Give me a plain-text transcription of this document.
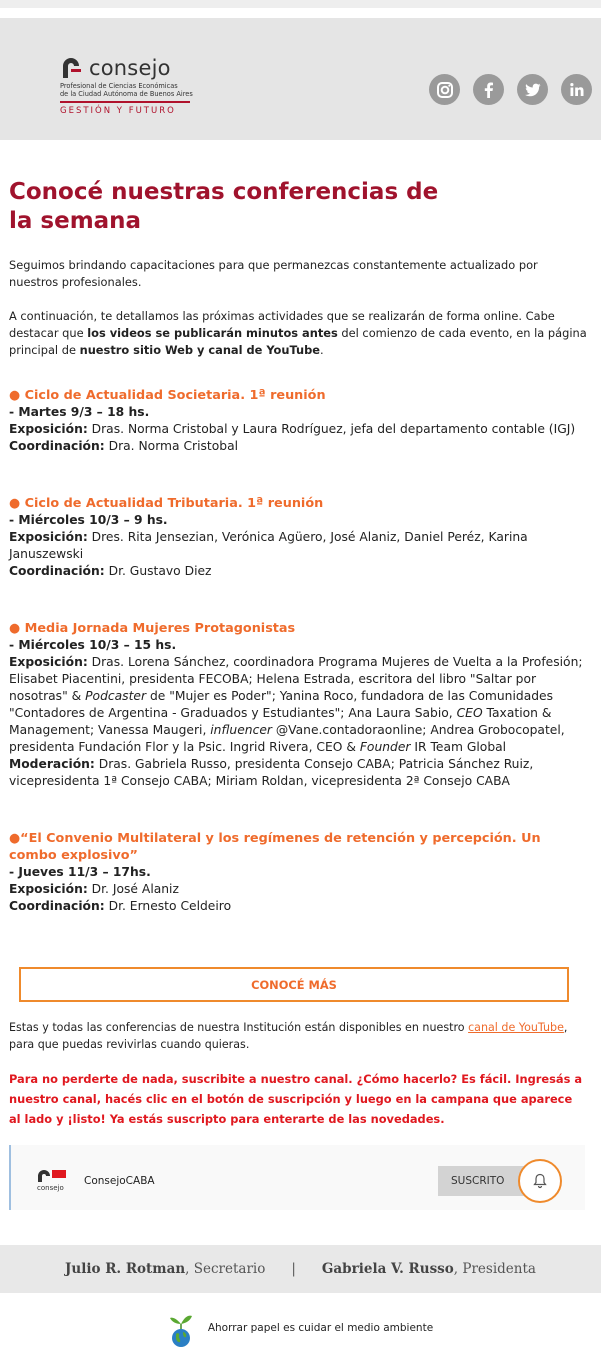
consejo
Profesional de Ciencias Económicas
de la Ciudad Autónoma de Buenos Aires
GESTIÓN Y FUTURO
Conocé nuestras conferencias de la semana

Seguimos brindando capacitaciones para que permanezcas constantemente actualizado por nuestros profesionales.

A continuación, te detallamos las próximas actividades que se realizarán de forma online. Cabe destacar que los videos se publicarán minutos antes del comienzo de cada evento, en la página principal de nuestro sitio Web y canal de YouTube.

● Ciclo de Actualidad Societaria. 1ª reunión
- Martes 9/3 – 18 hs.
Exposición: Dras. Norma Cristobal y Laura Rodríguez, jefa del departamento contable (IGJ)
Coordinación: Dra. Norma Cristobal
● Ciclo de Actualidad Tributaria. 1ª reunión
- Miércoles 10/3 – 9 hs.
Exposición: Dres. Rita Jensezian, Verónica Agüero, José Alaniz, Daniel Peréz, Karina Januszewski
Coordinación: Dr. Gustavo Diez
● Media Jornada Mujeres Protagonistas
- Miércoles 10/3 – 15 hs.
Exposición: Dras. Lorena Sánchez, coordinadora Programa Mujeres de Vuelta a la Profesión; Elisabet Piacentini, presidenta FECOBA; Helena Estrada, escritora del libro "Saltar por nosotras" & Podcaster de "Mujer es Poder"; Yanina Roco, fundadora de las Comunidades "Contadores de Argentina - Graduados y Estudiantes"; Ana Laura Sabio, CEO Taxation & Management; Vanessa Maugeri, influencer @Vane.contadoraonline; Andrea Grobocopatel, presidenta Fundación Flor y la Psic. Ingrid Rivera, CEO & Founder IR Team Global
Moderación: Dras. Gabriela Russo, presidenta Consejo CABA; Patricia Sánchez Ruiz, vicepresidenta 1ª Consejo CABA; Miriam Roldan, vicepresidenta 2ª Consejo CABA
●“El Convenio Multilateral y los regímenes de retención y percepción. Un combo explosivo”
- Jueves 11/3 – 17hs.
Exposición: Dr. José Alaniz
Coordinación: Dr. Ernesto Celdeiro
CONOCÉ MÁS

Estas y todas las conferencias de nuestra Institución están disponibles en nuestro canal de YouTube, para que puedas revivirlas cuando quieras.

Para no perderte de nada, suscribite a nuestro canal. ¿Cómo hacerlo? Es fácil. Ingresás a nuestro canal, hacés clic en el botón de suscripción y luego en la campana que aparece al lado y ¡listo! Ya estás suscripto para enterarte de las novedades.

consejo
ConsejoCABA	SUSCRITO
Julio R. Rotman , Secretario | Gabriela V. Russo , Presidenta
Ahorrar papel es cuidar el medio ambiente
